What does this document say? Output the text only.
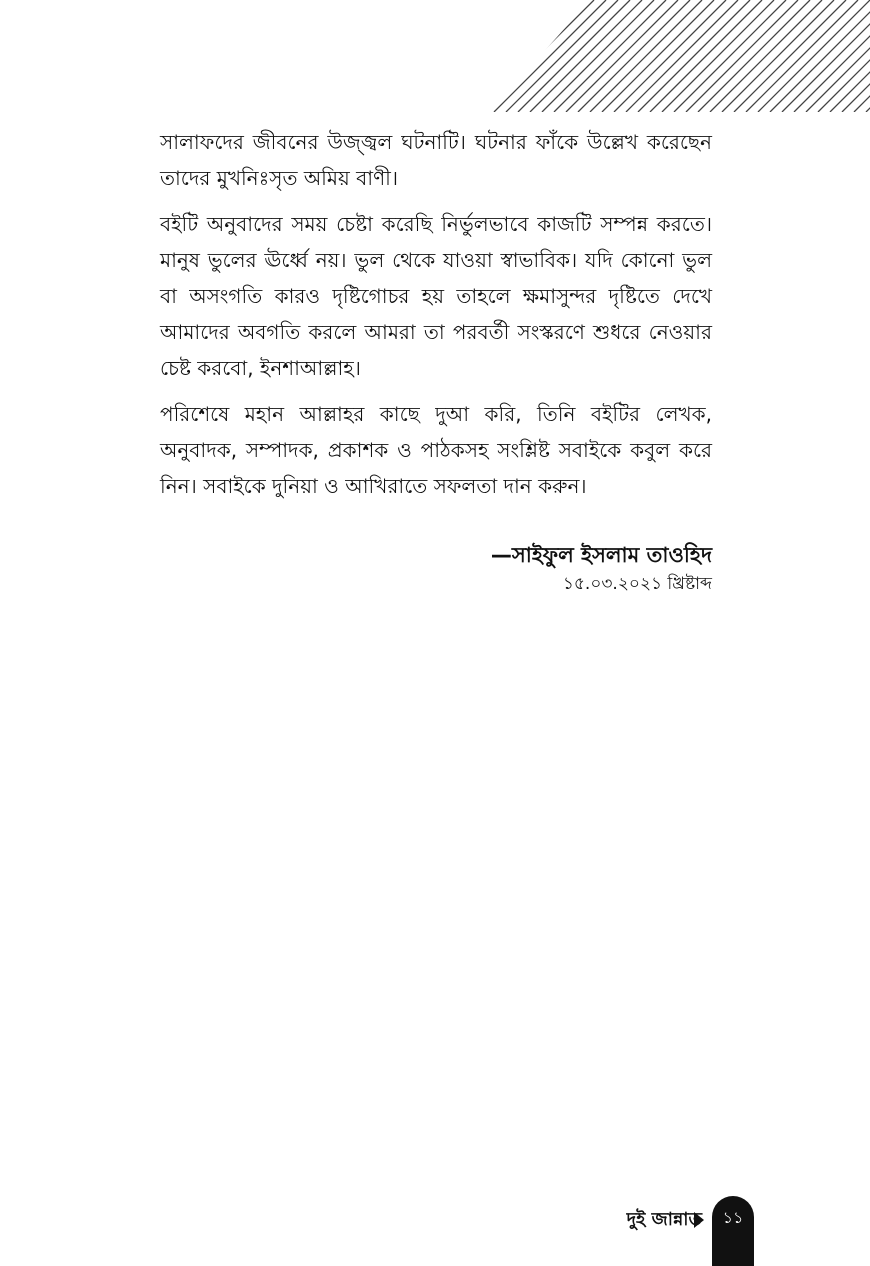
সালাফদের জীবনের উজ্জ্বল ঘটনাটি। ঘটনার ফাঁকে উল্লেখ করেছেন তাদের মুখনিঃসৃত অমিয় বাণী।

বইটি অনুবাদের সময় চেষ্টা করেছি নির্ভুলভাবে কাজটি সম্পন্ন করতে। মানুষ ভুলের ঊর্ধ্বে নয়। ভুল থেকে যাওয়া স্বাভাবিক। যদি কোনো ভুল বা অসংগতি কারও দৃষ্টিগোচর হয় তাহলে ক্ষমাসুন্দর দৃষ্টিতে দেখে আমাদের অবগতি করলে আমরা তা পরবর্তী সংস্করণে শুধরে নেওয়ার চেষ্ট করবো, ইনশাআল্লাহ।

পরিশেষে মহান আল্লাহর কাছে দুআ করি, তিনি বইটির লেখক, অনুবাদক, সম্পাদক, প্রকাশক ও পাঠকসহ সংশ্লিষ্ট সবাইকে কবুল করে নিন। সবাইকে দুনিয়া ও আখিরাতে সফলতা দান করুন।

—সাইফুল ইসলাম তাওহিদ
১৫.০৩.২০২১ খ্রিষ্টাব্দ
দুই জান্নাত	১১
